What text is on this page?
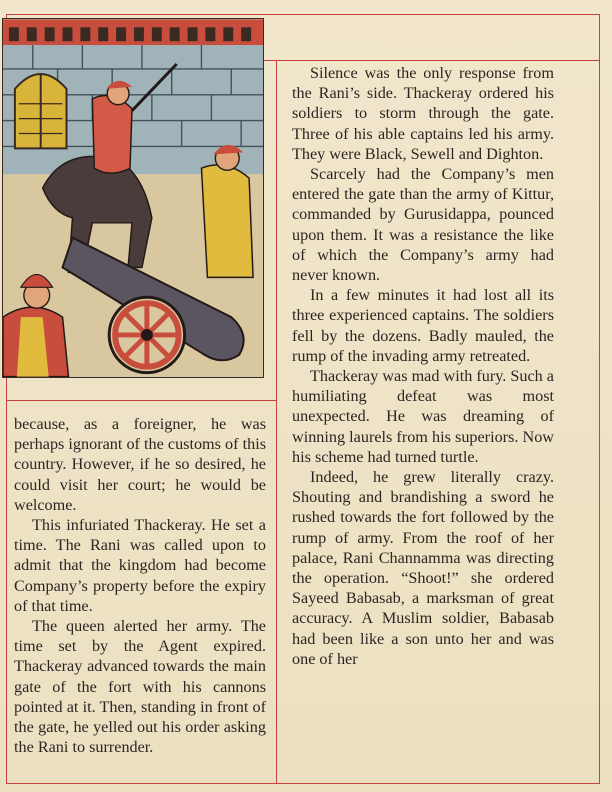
Silence was the only response from the Rani’s side. Thackeray ordered his soldiers to storm through the gate. Three of his able captains led his army. They were Black, Sewell and Dighton.

Scarcely had the Company’s men entered the gate than the army of Kittur, commanded by Gurusidappa, pounced upon them. It was a resistance the like of which the Company’s army had never known.

In a few minutes it had lost all its three experienced captains. The soldiers fell by the dozens. Badly mauled, the rump of the invading army retreated.

Thackeray was mad with fury. Such a humiliating defeat was most unexpected. He was dreaming of winning laurels from his superiors. Now his scheme had turned turtle.

Indeed, he grew literally crazy. Shouting and brandishing a sword he rushed towards the fort followed by the rump of army. From the roof of her palace, Rani Channamma was directing the operation. “Shoot!” she ordered Sayeed Babasab, a marksman of great accuracy. A Muslim soldier, Babasab had been like a son unto her and was one of her

because, as a foreigner, he was perhaps ignorant of the customs of this country. However, if he so desired, he could visit her court; he would be welcome.

This infuriated Thackeray. He set a time. The Rani was called upon to admit that the kingdom had become Company’s property before the expiry of that time.

The queen alerted her army. The time set by the Agent expired. Thackeray advanced towards the main gate of the fort with his cannons pointed at it. Then, standing in front of the gate, he yelled out his order asking the Rani to surrender.
